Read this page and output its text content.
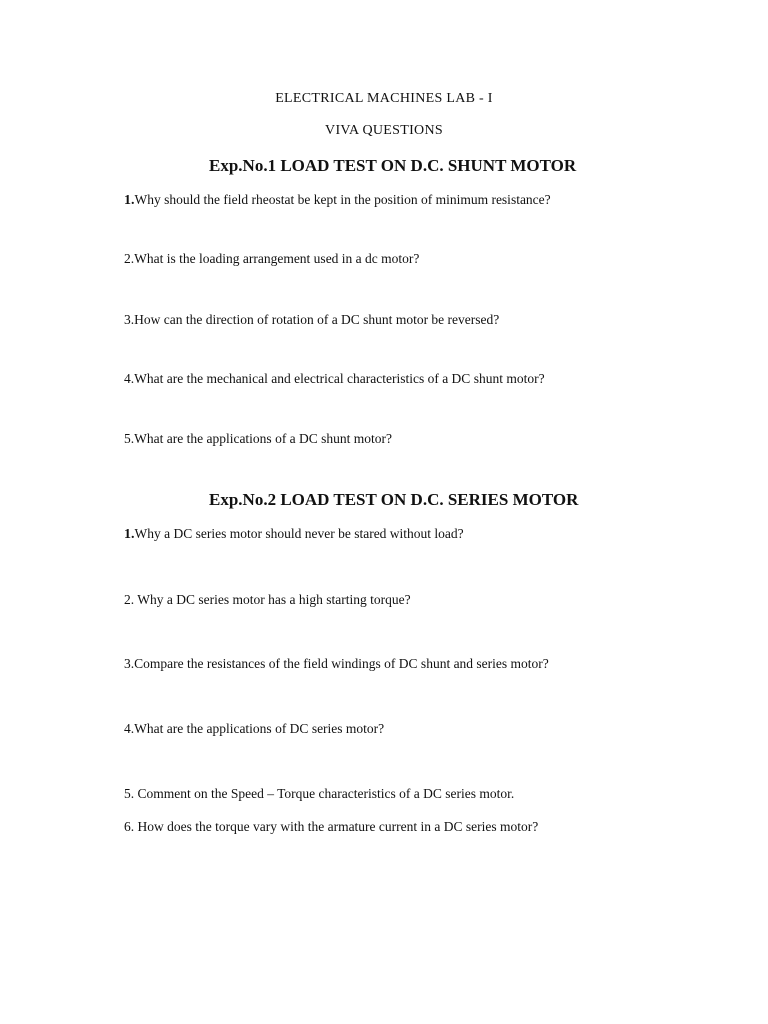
ELECTRICAL MACHINES LAB - I
VIVA QUESTIONS
Exp.No.1 LOAD TEST ON D.C. SHUNT MOTOR
1.Why should the field rheostat be kept in the position of minimum resistance?
2.What is the loading arrangement used in a dc motor?
3.How can the direction of rotation of a DC shunt motor be reversed?
4.What are the mechanical and electrical characteristics of a DC shunt motor?
5.What are the applications of a DC shunt motor?
Exp.No.2 LOAD TEST ON D.C. SERIES MOTOR
1.Why a DC series motor should never be stared without load?
2. Why a DC series motor has a high starting torque?
3.Compare the resistances of the field windings of DC shunt and series motor?
4.What are the applications of DC series motor?
5. Comment on the Speed – Torque characteristics of a DC series motor.
6. How does the torque vary with the armature current in a DC series motor?
